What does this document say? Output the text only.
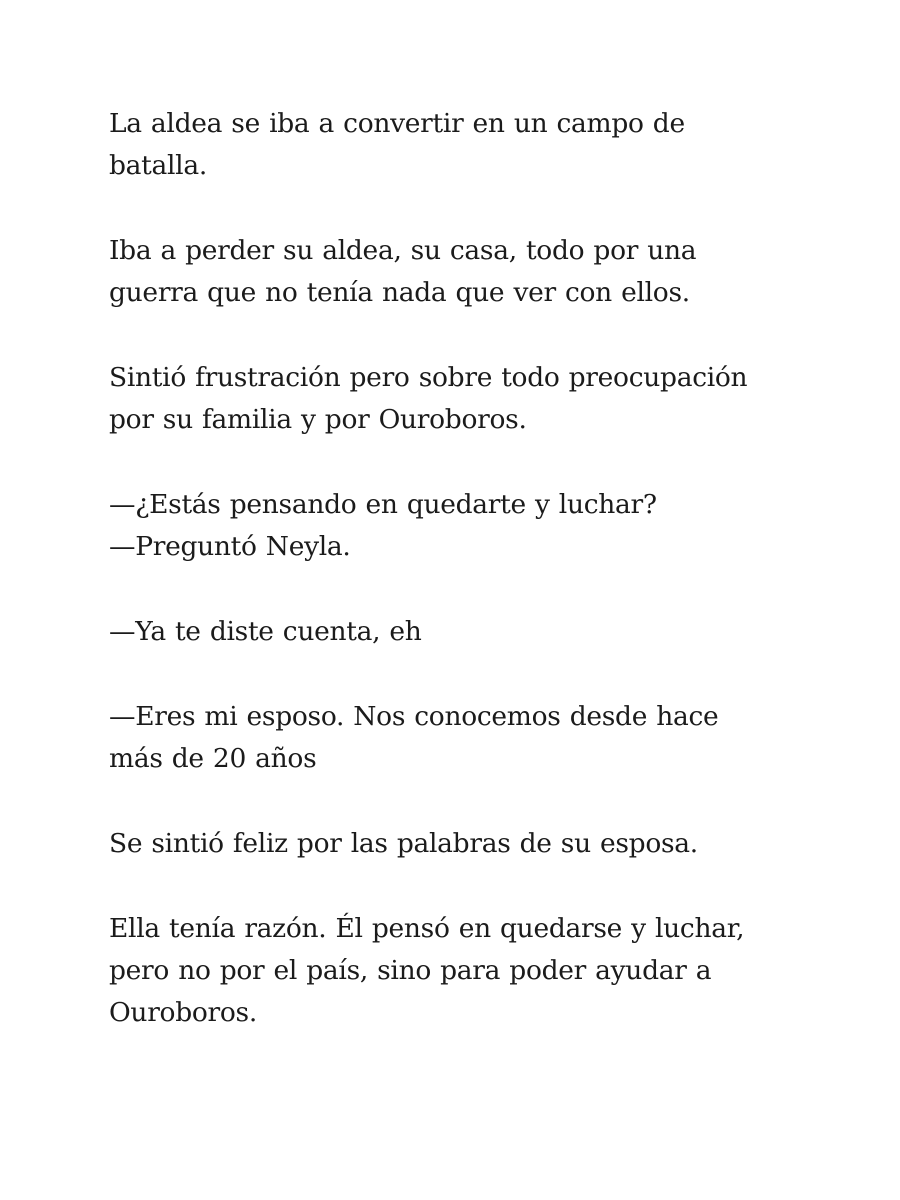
La aldea se iba a convertir en un campo de
batalla.

Iba a perder su aldea, su casa, todo por una
guerra que no tenía nada que ver con ellos.

Sintió frustración pero sobre todo preocupación
por su familia y por Ouroboros.

—¿Estás pensando en quedarte y luchar?
—Preguntó Neyla.

—Ya te diste cuenta, eh

—Eres mi esposo. Nos conocemos desde hace
más de 20 años

Se sintió feliz por las palabras de su esposa.

Ella tenía razón. Él pensó en quedarse y luchar,
pero no por el país, sino para poder ayudar a
Ouroboros.
